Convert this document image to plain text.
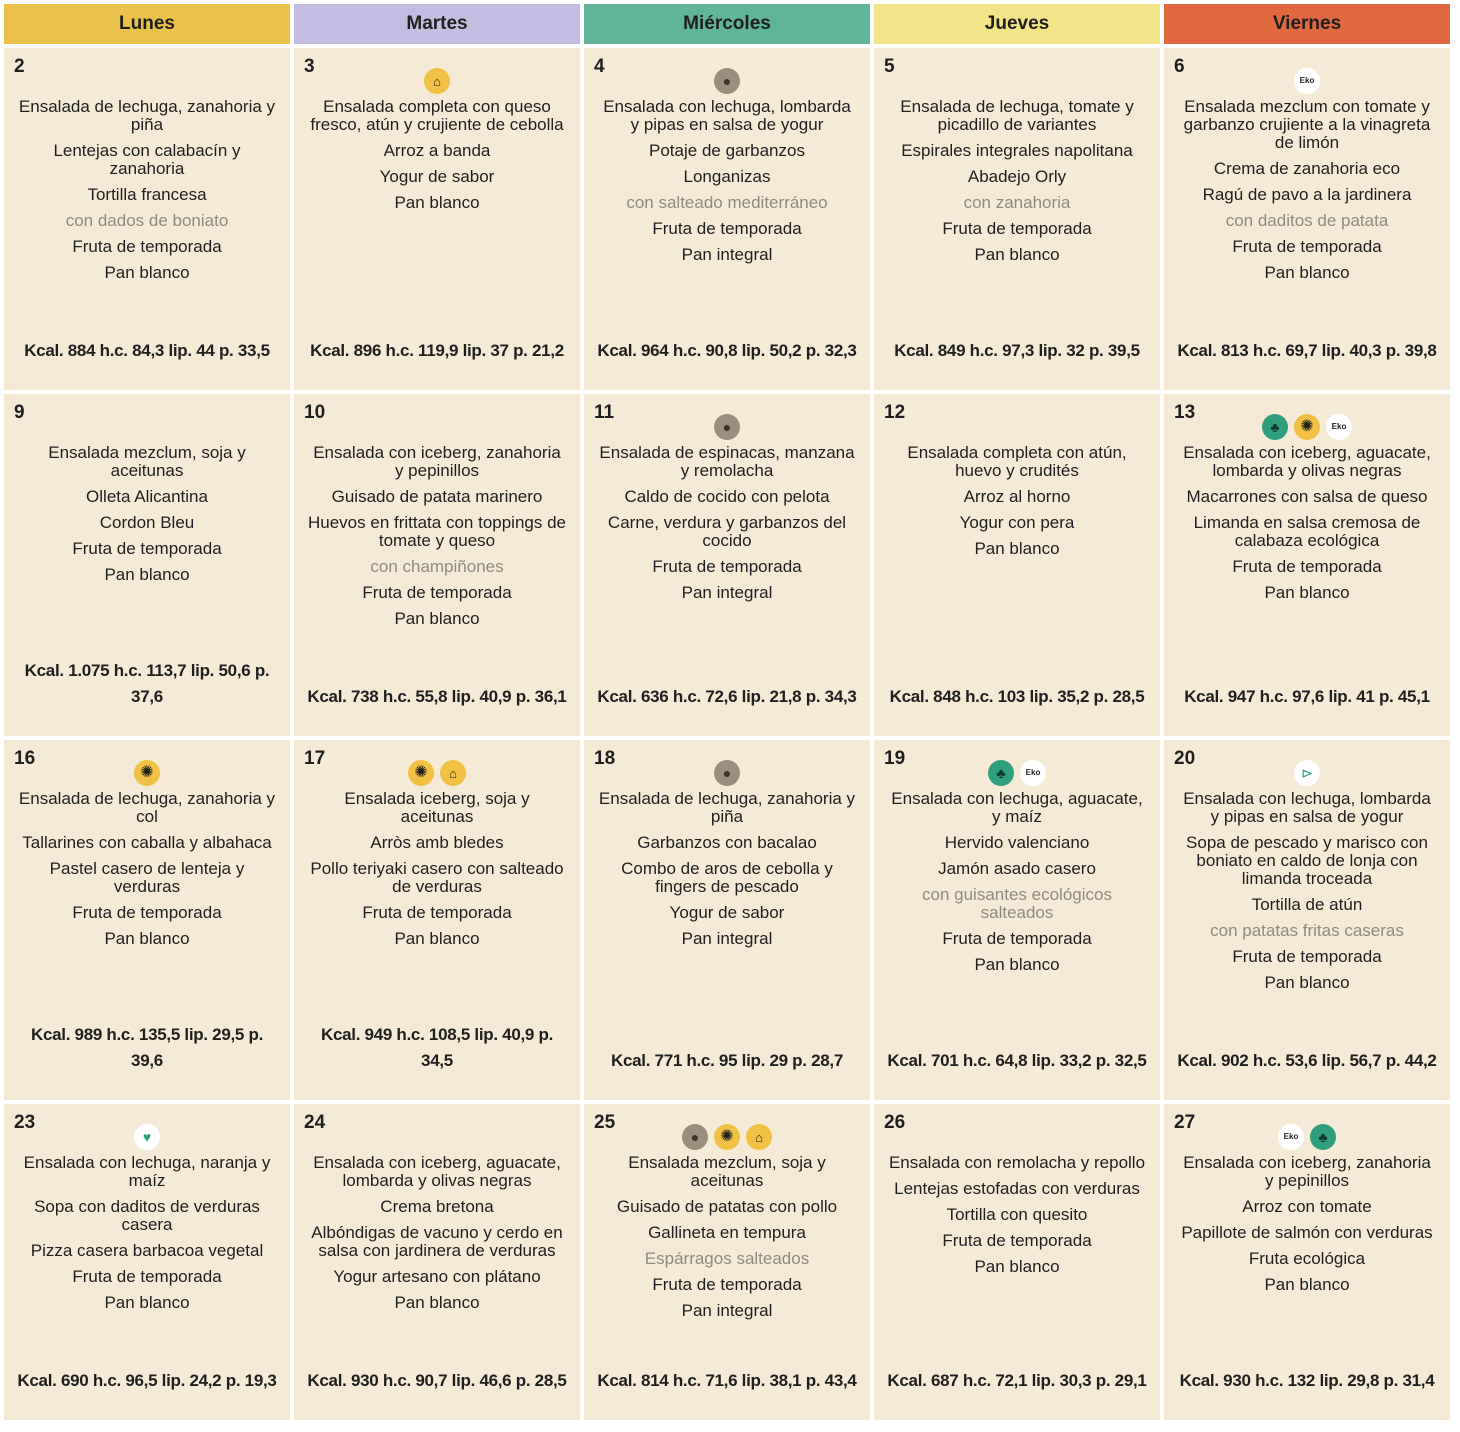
Lunes	Martes	Miércoles	Jueves	Viernes
2
Ensalada de lechuga, zanahoria y piña
Lentejas con calabacín y zanahoria
Tortilla francesa
con dados de boniato
Fruta de temporada
Pan blanco
Kcal. 884 h.c. 84,3 lip. 44 p. 33,5
3
⌂
Ensalada completa con queso fresco, atún y crujiente de cebolla
Arroz a banda
Yogur de sabor
Pan blanco
Kcal. 896 h.c. 119,9 lip. 37 p. 21,2
4
●
Ensalada con lechuga, lombarda y pipas en salsa de yogur
Potaje de garbanzos
Longanizas
con salteado mediterráneo
Fruta de temporada
Pan integral
Kcal. 964 h.c. 90,8 lip. 50,2 p. 32,3
5
Ensalada de lechuga, tomate y picadillo de variantes
Espirales integrales napolitana
Abadejo Orly
con zanahoria
Fruta de temporada
Pan blanco
Kcal. 849 h.c. 97,3 lip. 32 p. 39,5
6
Eko
Ensalada mezclum con tomate y garbanzo crujiente a la vinagreta de limón
Crema de zanahoria eco
Ragú de pavo a la jardinera
con daditos de patata
Fruta de temporada
Pan blanco
Kcal. 813 h.c. 69,7 lip. 40,3 p. 39,8
9
Ensalada mezclum, soja y aceitunas
Olleta Alicantina
Cordon Bleu
Fruta de temporada
Pan blanco
Kcal. 1.075 h.c. 113,7 lip. 50,6 p. 37,6
10
Ensalada con iceberg, zanahoria y pepinillos
Guisado de patata marinero
Huevos en frittata con toppings de tomate y queso
con champiñones
Fruta de temporada
Pan blanco
Kcal. 738 h.c. 55,8 lip. 40,9 p. 36,1
11
●
Ensalada de espinacas, manzana y remolacha
Caldo de cocido con pelota
Carne, verdura y garbanzos del cocido
Fruta de temporada
Pan integral
Kcal. 636 h.c. 72,6 lip. 21,8 p. 34,3
12
Ensalada completa con atún, huevo y crudités
Arroz al horno
Yogur con pera
Pan blanco
Kcal. 848 h.c. 103 lip. 35,2 p. 28,5
13
♣	✺	Eko
Ensalada con iceberg, aguacate, lombarda y olivas negras
Macarrones con salsa de queso
Limanda en salsa cremosa de calabaza ecológica
Fruta de temporada
Pan blanco
Kcal. 947 h.c. 97,6 lip. 41 p. 45,1
16
✺
Ensalada de lechuga, zanahoria y col
Tallarines con caballa y albahaca
Pastel casero de lenteja y verduras
Fruta de temporada
Pan blanco
Kcal. 989 h.c. 135,5 lip. 29,5 p. 39,6
17
✺	⌂
Ensalada iceberg, soja y aceitunas
Arròs amb bledes
Pollo teriyaki casero con salteado de verduras
Fruta de temporada
Pan blanco
Kcal. 949 h.c. 108,5 lip. 40,9 p. 34,5
18
●
Ensalada de lechuga, zanahoria y piña
Garbanzos con bacalao
Combo de aros de cebolla y fingers de pescado
Yogur de sabor
Pan integral
Kcal. 771 h.c. 95 lip. 29 p. 28,7
19
♣	Eko
Ensalada con lechuga, aguacate, y maíz
Hervido valenciano
Jamón asado casero
con guisantes ecológicos salteados
Fruta de temporada
Pan blanco
Kcal. 701 h.c. 64,8 lip. 33,2 p. 32,5
20
⊳
Ensalada con lechuga, lombarda y pipas en salsa de yogur
Sopa de pescado y marisco con boniato en caldo de lonja con limanda troceada
Tortilla de atún
con patatas fritas caseras
Fruta de temporada
Pan blanco
Kcal. 902 h.c. 53,6 lip. 56,7 p. 44,2
23
♥
Ensalada con lechuga, naranja y maíz
Sopa con daditos de verduras casera
Pizza casera barbacoa vegetal
Fruta de temporada
Pan blanco
Kcal. 690 h.c. 96,5 lip. 24,2 p. 19,3
24
Ensalada con iceberg, aguacate, lombarda y olivas negras
Crema bretona
Albóndigas de vacuno y cerdo en salsa con jardinera de verduras
Yogur artesano con plátano
Pan blanco
Kcal. 930 h.c. 90,7 lip. 46,6 p. 28,5
25
●	✺	⌂
Ensalada mezclum, soja y aceitunas
Guisado de patatas con pollo
Gallineta en tempura
Espárragos salteados
Fruta de temporada
Pan integral
Kcal. 814 h.c. 71,6 lip. 38,1 p. 43,4
26
Ensalada con remolacha y repollo
Lentejas estofadas con verduras
Tortilla con quesito
Fruta de temporada
Pan blanco
Kcal. 687 h.c. 72,1 lip. 30,3 p. 29,1
27
Eko	♣
Ensalada con iceberg, zanahoria y pepinillos
Arroz con tomate
Papillote de salmón con verduras
Fruta ecológica
Pan blanco
Kcal. 930 h.c. 132 lip. 29,8 p. 31,4
